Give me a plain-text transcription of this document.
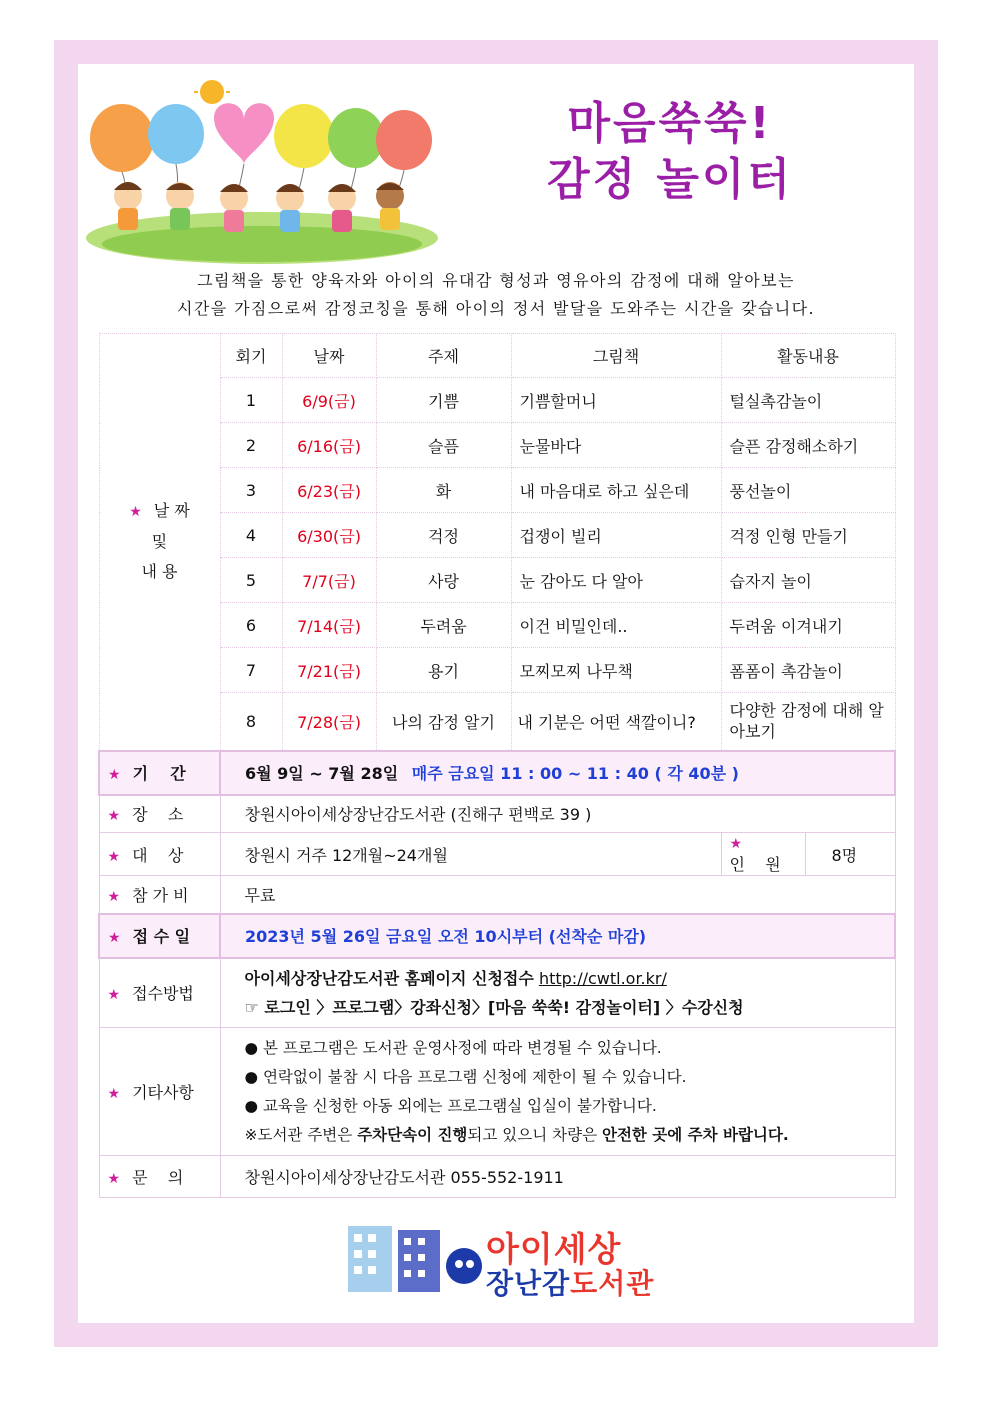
마음쑥쑥!
감정 놀이터
그림책을 통한 양육자와 아이의 유대감 형성과 영유아의 감정에 대해 알아보는
시간을 가짐으로써 감정코칭을 통해 아이의 정서 발달을 도와주는 시간을 갖습니다.
★ 날 짜
및
내 용	회기	날짜	주제	그림책	활동내용	
	1	6/9(금)	기쁨	기쁨할머니	털실촉감놀이	
	2	6/16(금)	슬픔	눈물바다	슬픈 감정해소하기	
	3	6/23(금)	화	내 마음대로 하고 싶은데	풍선놀이	
	4	6/30(금)	걱정	겁쟁이 빌리	걱정 인형 만들기	
	5	7/7(금)	사랑	눈 감아도 다 알아	습자지 놀이	
	6	7/14(금)	두려움	이건 비밀인데..	두려움 이겨내기	
	7	7/21(금)	용기	모찌모찌 나무책	폼폼이 촉감놀이	
	8	7/28(금)	나의 감정 알기	내 기분은 어떤 색깔이니?	다양한 감정에 대해 알아보기	
★ 기    간	6월 9일 ~ 7월 28일 매주 금요일 11 : 00 ~ 11 : 40 ( 각 40분 )					
★ 장    소	창원시아이세상장난감도서관 (진해구 편백로 39 )					
★ 대    상	창원시 거주 12개월~24개월				★인    원	8명
★ 참 가 비	무료					
★ 접 수 일	2023년 5월 26일 금요일 오전 10시부터 (선착순 마감)					
★ 접수방법	아이세상장난감도서관 홈페이지 신청접수 http://cwtl.or.kr/
☞ 로그인 〉프로그램〉강좌신청〉[마음 쑥쑥! 감정놀이터] 〉수강신청					

★ 기타사항	● 본 프로그램은 도서관 운영사정에 따라 변경될 수 있습니다.
● 연락없이 불참 시 다음 프로그램 신청에 제한이 될 수 있습니다.
● 교육을 신청한 아동 외에는 프로그램실 입실이 불가합니다.
※도서관 주변은 주차단속이 진행되고 있으니 차량은 안전한 곳에 주차 바랍니다.					

★ 문    의	창원시아이세상장난감도서관 055-552-1911					
아이세상
장난감도서관
